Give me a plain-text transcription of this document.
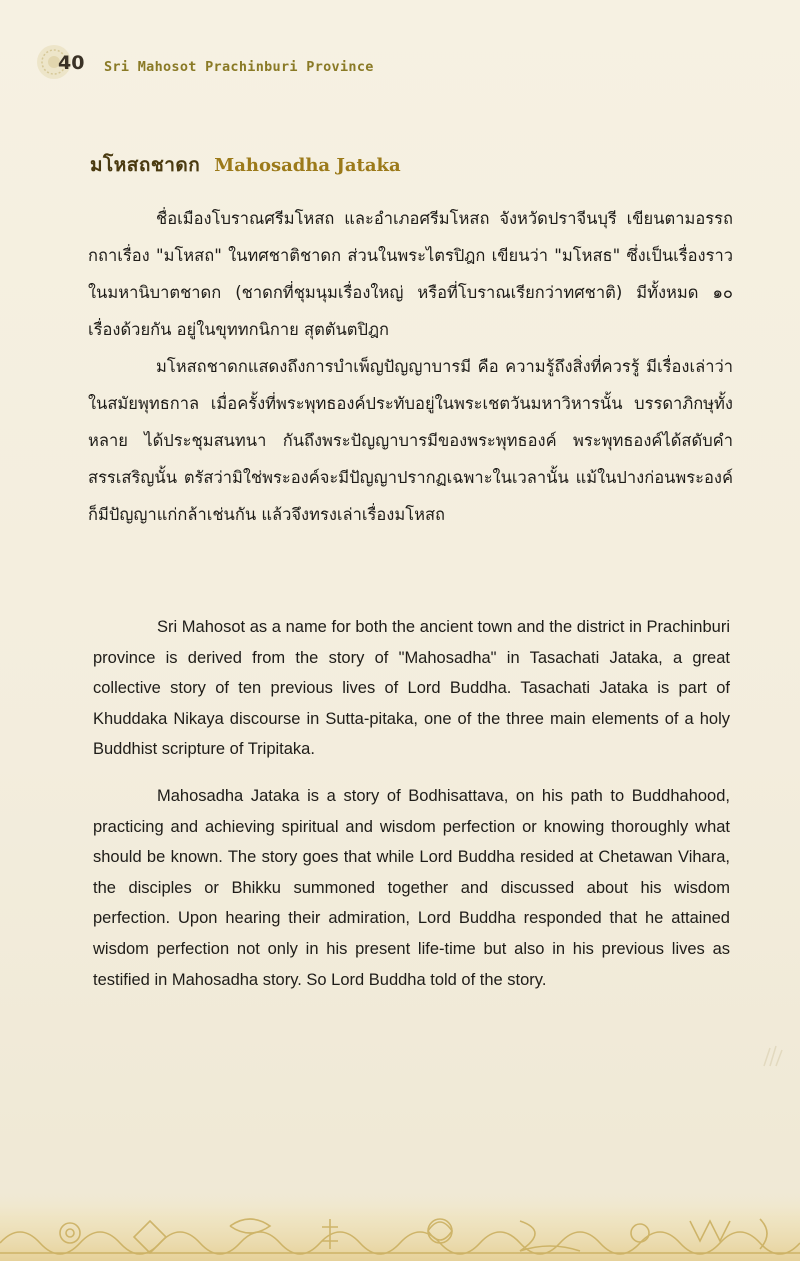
40 Sri Mahosot Prachinburi Province
มโหสถชาดก Mahosadha Jataka

ชื่อเมืองโบราณศรีมโหสถ และอำเภอศรีมโหสถ จังหวัดปราจีนบุรี เขียนตามอรรถกถาเรื่อง "มโหสถ" ในทศชาติชาดก ส่วนในพระไตรปิฎก เขียนว่า "มโหสธ" ซึ่งเป็นเรื่องราวในมหานิบาตชาดก (ชาดกที่ชุมนุมเรื่องใหญ่ หรือที่โบราณเรียกว่าทศชาติ) มีทั้งหมด ๑๐ เรื่องด้วยกัน อยู่ในขุททกนิกาย สุตตันตปิฎก

มโหสถชาดกแสดงถึงการบำเพ็ญปัญญาบารมี คือ ความรู้ถึงสิ่งที่ควรรู้ มีเรื่องเล่าว่า ในสมัยพุทธกาล เมื่อครั้งที่พระพุทธองค์ประทับอยู่ในพระเชตวันมหาวิหารนั้น บรรดาภิกษุทั้งหลาย ได้ประชุมสนทนา กันถึงพระปัญญาบารมีของพระพุทธองค์ พระพุทธองค์ได้สดับคำสรรเสริญนั้น ตรัสว่ามิใช่พระองค์จะมีปัญญาปรากฏเฉพาะในเวลานั้น แม้ในปางก่อนพระองค์ก็มีปัญญาแก่กล้าเช่นกัน แล้วจึงทรงเล่าเรื่องมโหสถ

Sri Mahosot as a name for both the ancient town and the district in Prachinburi province is derived from the story of "Mahosadha" in Tasachati Jataka, a great collective story of ten previous lives of Lord Buddha. Tasachati Jataka is part of Khuddaka Nikaya discourse in Sutta-pitaka, one of the three main elements of a holy Buddhist scripture of Tripitaka.

Mahosadha Jataka is a story of Bodhisattava, on his path to Buddhahood, practicing and achieving spiritual and wisdom perfection or knowing thoroughly what should be known. The story goes that while Lord Buddha resided at Chetawan Vihara, the disciples or Bhikku summoned together and discussed about his wisdom perfection. Upon hearing their admiration, Lord Buddha responded that he attained wisdom perfection not only in his present life-time but also in his previous lives as testified in Mahosadha story. So Lord Buddha told of the story.
